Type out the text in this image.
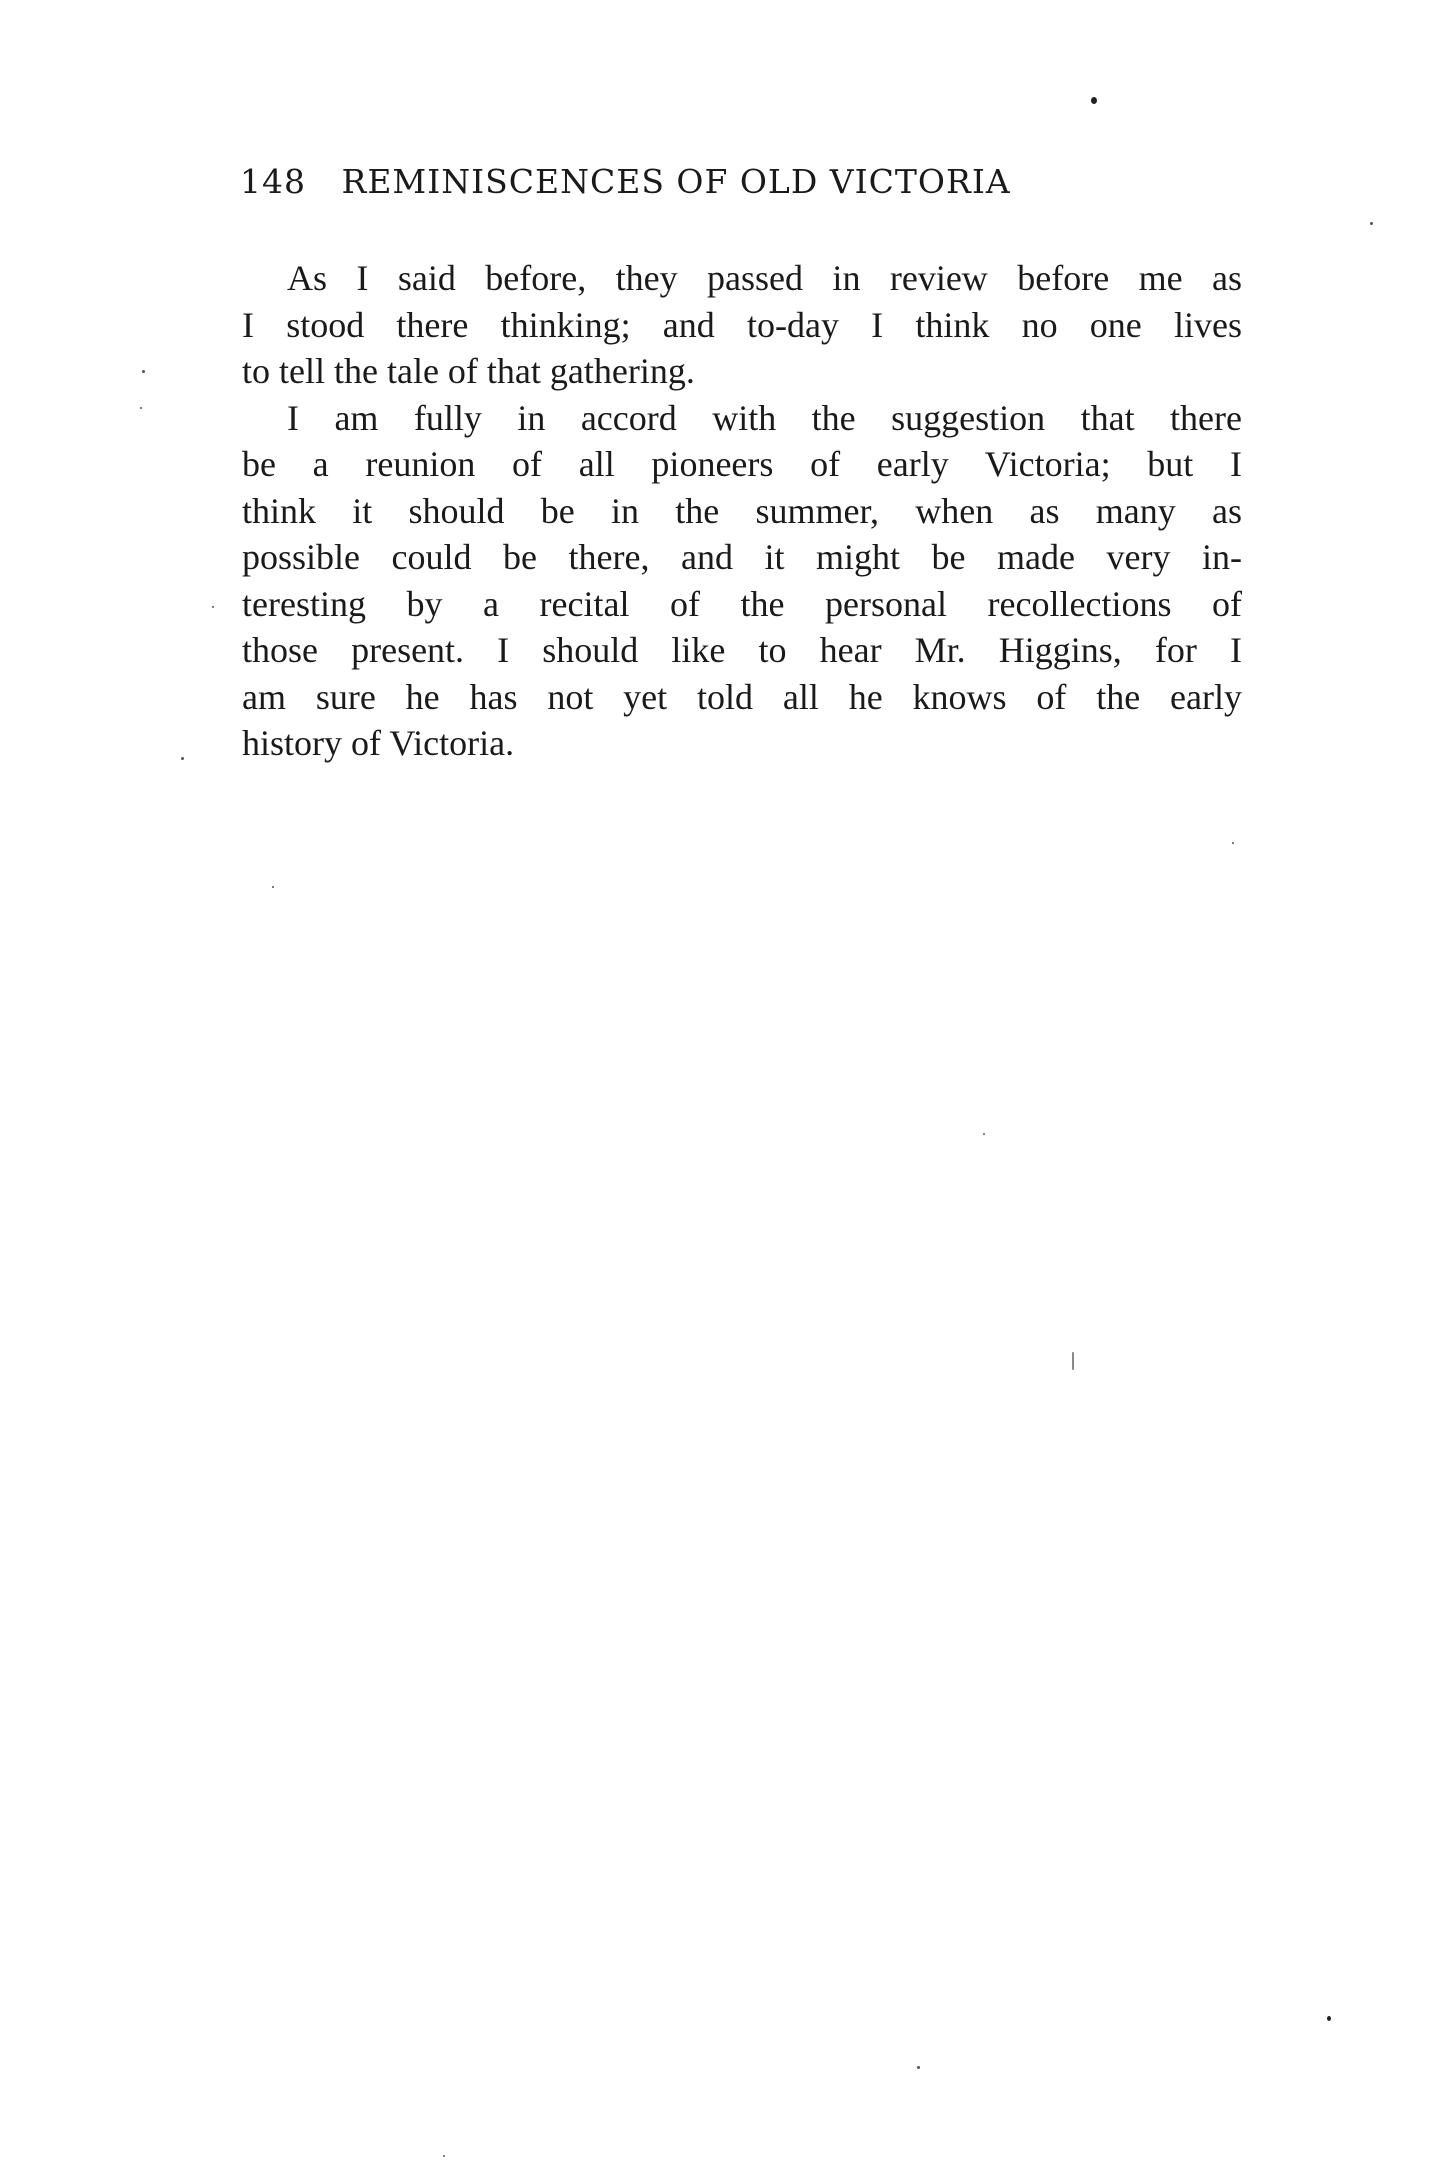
148 REMINISCENCES OF OLD VICTORIA
As I said before, they passed in review before me as
I stood there thinking; and to-day I think no one lives
to tell the tale of that gathering.
I am fully in accord with the suggestion that there
be a reunion of all pioneers of early Victoria; but I
think it should be in the summer, when as many as
possible could be there, and it might be made very in-
teresting by a recital of the personal recollections of
those present. I should like to hear Mr. Higgins, for I
am sure he has not yet told all he knows of the early
history of Victoria.
